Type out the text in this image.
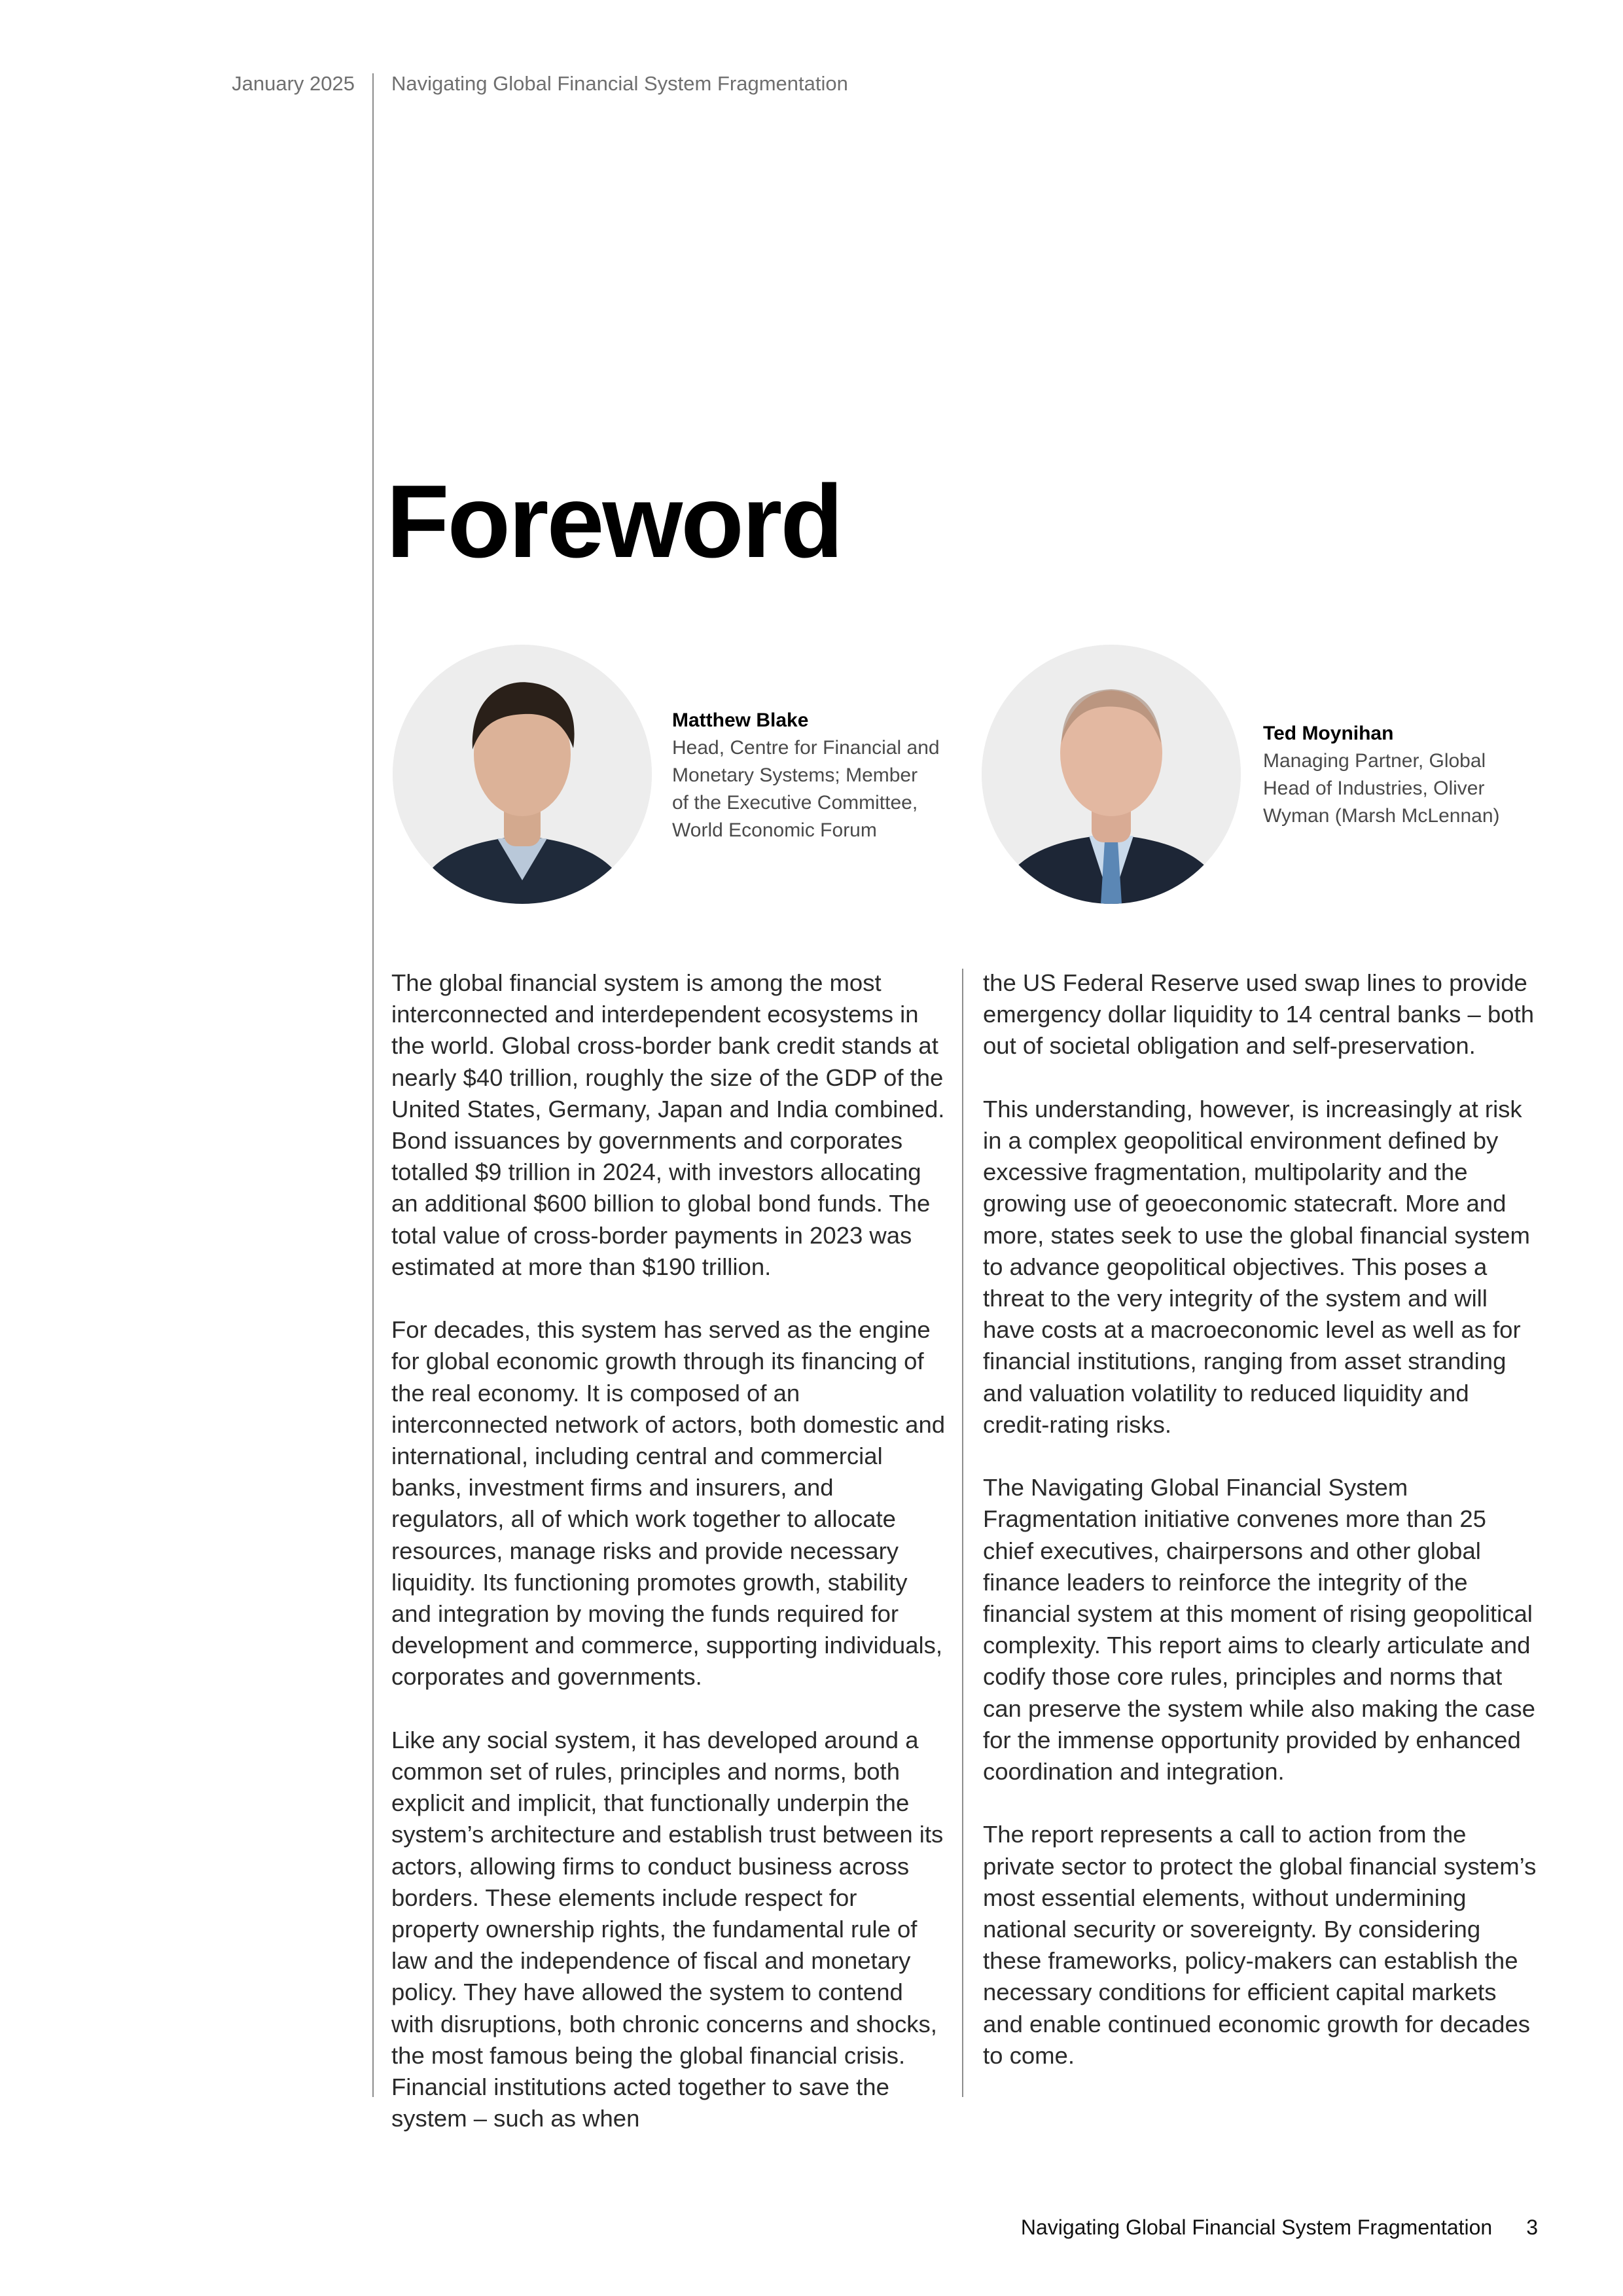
January 2025 Navigating Global Financial System Fragmentation
Foreword
Matthew Blake
Head, Centre for Financial and
Monetary Systems; Member
of the Executive Committee,
World Economic Forum
Ted Moynihan
Managing Partner, Global
Head of Industries, Oliver
Wyman (Marsh McLennan)

The global financial system is among the most interconnected and interdependent ecosystems in the world. Global cross-border bank credit stands at nearly $40 trillion, roughly the size of the GDP of the United States, Germany, Japan and India combined. Bond issuances by governments and corporates totalled $9 trillion in 2024, with investors allocating an additional $600 billion to global bond funds. The total value of cross-border payments in 2023 was estimated at more than $190 trillion.

For decades, this system has served as the engine for global economic growth through its financing of the real economy. It is composed of an interconnected network of actors, both domestic and international, including central and commercial banks, investment firms and insurers, and regulators, all of which work together to allocate resources, manage risks and provide necessary liquidity. Its functioning promotes growth, stability and integration by moving the funds required for development and commerce, supporting individuals, corporates and governments.

Like any social system, it has developed around a common set of rules, principles and norms, both explicit and implicit, that functionally underpin the system’s architecture and establish trust between its actors, allowing firms to conduct business across borders. These elements include respect for property ownership rights, the fundamental rule of law and the independence of fiscal and monetary policy. They have allowed the system to contend with disruptions, both chronic concerns and shocks, the most famous being the global financial crisis. Financial institutions acted together to save the system – such as when

the US Federal Reserve used swap lines to provide emergency dollar liquidity to 14 central banks – both out of societal obligation and self-preservation.

This understanding, however, is increasingly at risk in a complex geopolitical environment defined by excessive fragmentation, multipolarity and the growing use of geoeconomic statecraft. More and more, states seek to use the global financial system to advance geopolitical objectives. This poses a threat to the very integrity of the system and will have costs at a macroeconomic level as well as for financial institutions, ranging from asset stranding and valuation volatility to reduced liquidity and credit-rating risks.

The Navigating Global Financial System Fragmentation initiative convenes more than 25 chief executives, chairpersons and other global finance leaders to reinforce the integrity of the financial system at this moment of rising geopolitical complexity. This report aims to clearly articulate and codify those core rules, principles and norms that can preserve the system while also making the case for the immense opportunity provided by enhanced coordination and integration.

The report represents a call to action from the private sector to protect the global financial system’s most essential elements, without undermining national security or sovereignty. By considering these frameworks, policy-makers can establish the necessary conditions for efficient capital markets and enable continued economic growth for decades to come.

Navigating Global Financial System Fragmentation 3
